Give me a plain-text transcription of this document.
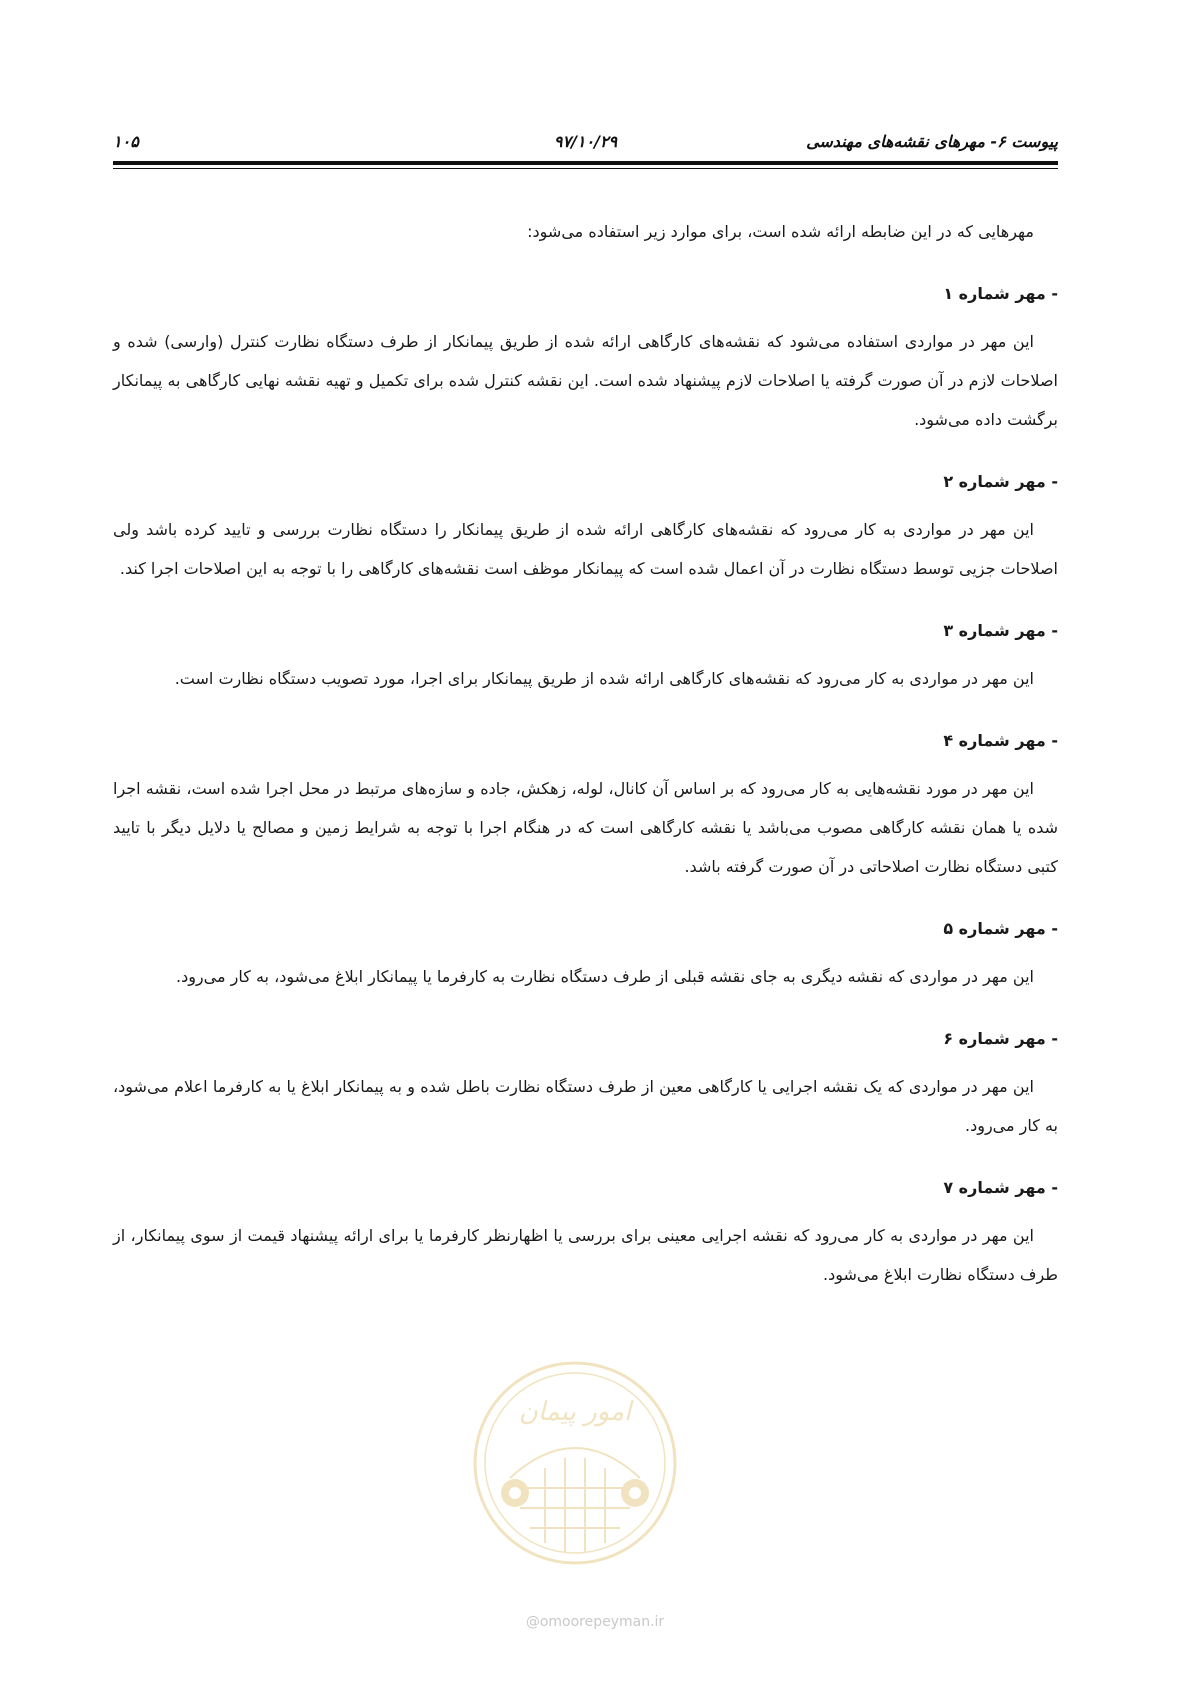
پیوست ۶- مهرهای نقشه‌های مهندسی
۹۷/۱۰/۲۹
۱۰۵

مهرهایی که در این ضابطه ارائه شده است، برای موارد زیر استفاده می‌شود:

- مهر شماره ۱

این مهر در مواردی استفاده می‌شود که نقشه‌های کارگاهی ارائه شده از طریق پیمانکار از طرف دستگاه نظارت کنترل (وارسی) شده و اصلاحات لازم در آن صورت گرفته یا اصلاحات لازم پیشنهاد شده است. این نقشه کنترل شده برای تکمیل و تهیه نقشه نهایی کارگاهی به پیمانکار برگشت داده می‌شود.

- مهر شماره ۲

این مهر در مواردی به کار می‌رود که نقشه‌های کارگاهی ارائه شده از طریق پیمانکار را دستگاه نظارت بررسی و تایید کرده باشد ولی اصلاحات جزیی توسط دستگاه نظارت در آن اعمال شده است که پیمانکار موظف است نقشه‌های کارگاهی را با توجه به این اصلاحات اجرا کند.

- مهر شماره ۳

این مهر در مواردی به کار می‌رود که نقشه‌های کارگاهی ارائه شده از طریق پیمانکار برای اجرا، مورد تصویب دستگاه نظارت است.

- مهر شماره ۴

این مهر در مورد نقشه‌هایی به کار می‌رود که بر اساس آن کانال، لوله، زهکش، جاده و سازه‌های مرتبط در محل اجرا شده است، نقشه اجرا شده یا همان نقشه کارگاهی مصوب می‌باشد یا نقشه کارگاهی است که در هنگام اجرا با توجه به شرایط زمین و مصالح یا دلایل دیگر با تایید کتبی دستگاه نظارت اصلاحاتی در آن صورت گرفته باشد.

- مهر شماره ۵

این مهر در مواردی که نقشه دیگری به جای نقشه قبلی از طرف دستگاه نظارت به کارفرما یا پیمانکار ابلاغ می‌شود، به کار می‌رود.

- مهر شماره ۶

این مهر در مواردی که یک نقشه اجرایی یا کارگاهی معین از طرف دستگاه نظارت باطل شده و به پیمانکار ابلاغ یا به کارفرما اعلام می‌شود، به کار می‌رود.

- مهر شماره ۷

این مهر در مواردی به کار می‌رود که نقشه اجرایی معینی برای بررسی یا اظهارنظر کارفرما یا برای ارائه پیشنهاد قیمت از سوی پیمانکار، از طرف دستگاه نظارت ابلاغ می‌شود.

امور پیمان
@omoorepeyman.ir
